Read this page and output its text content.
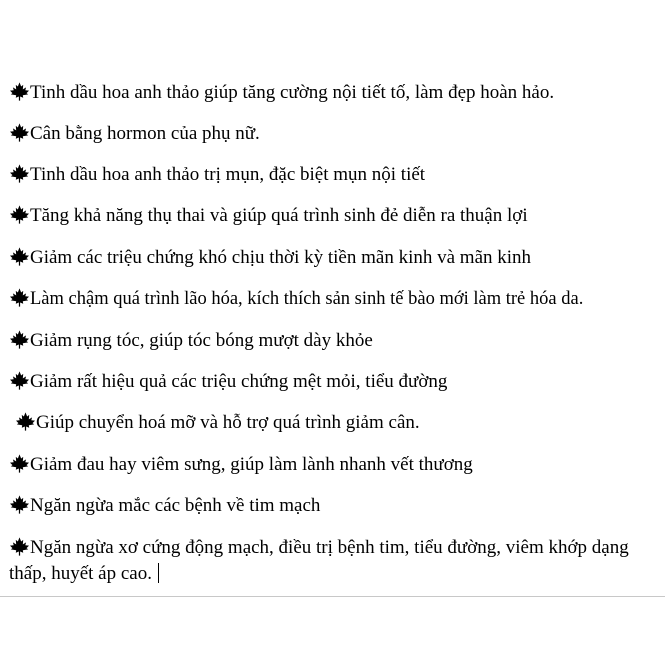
Tinh dầu hoa anh thảo giúp tăng cường nội tiết tố, làm đẹp hoàn hảo.
Cân bằng hormon của phụ nữ.
Tinh dầu hoa anh thảo trị mụn, đặc biệt mụn nội tiết
Tăng khả năng thụ thai và giúp quá trình sinh đẻ diễn ra thuận lợi
Giảm các triệu chứng khó chịu thời kỳ tiền mãn kinh và mãn kinh
Làm chậm quá trình lão hóa, kích thích sản sinh tế bào mới làm trẻ hóa da.
Giảm rụng tóc, giúp tóc bóng mượt dày khỏe
Giảm rất hiệu quả các triệu chứng mệt mỏi, tiểu đường
Giúp chuyển hoá mỡ và hỗ trợ quá trình giảm cân.
Giảm đau hay viêm sưng, giúp làm lành nhanh vết thương
Ngăn ngừa mắc các bệnh về tim mạch
Ngăn ngừa xơ cứng động mạch, điều trị bệnh tim, tiểu đường, viêm khớp dạng thấp, huyết áp cao.
